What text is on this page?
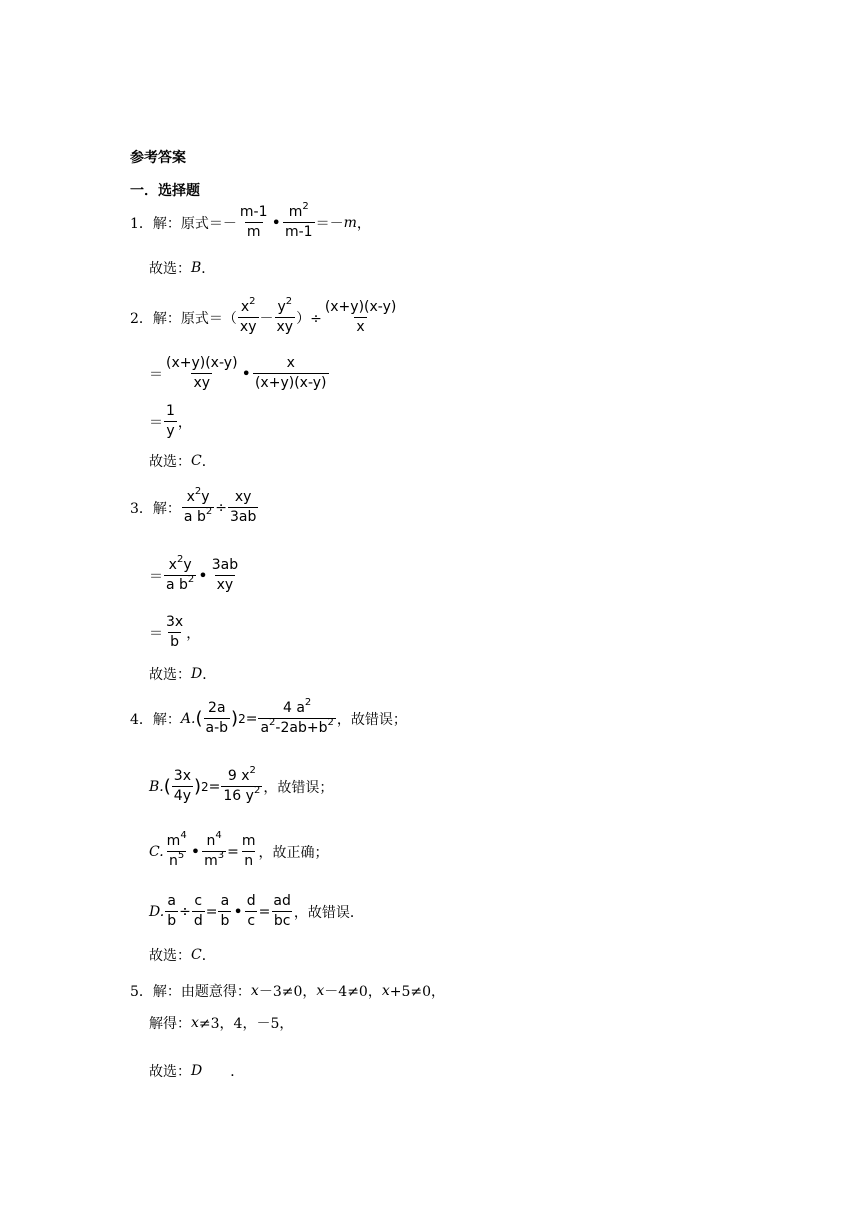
参考答案
一．选择题
1． 解：原式＝－ $\frac{m-1}{m}$ • $\frac{m^2}{m-1} =- m$ ，
故选： B ．
2． 解：原式＝（ $\frac{x^2}{xy} - \frac{y^2}{xy}$ ）÷ $\frac{(x+y)(x-y)}{x}$
＝ $\frac{(x+y)(x-y)}{xy}$ • $\frac{x}{(x+y)(x-y)}$
＝ $\frac{1}{y}$ ，
故选： C ．
3． 解： $\frac{x^2y}{a b^2} \div \frac{xy}{3ab}$
＝ $\frac{x^2y}{a b^2}$ • $\frac{3ab}{xy}$
＝ $\frac{3x}{b}$ ，
故选： D ．
4． 解： A. ( $\frac{2a}{a-b}$ ) $2 = \frac{4 a^2}{a^2-2ab+b^2}$ ，故错误；
B. ( $\frac{3x}{4y}$ ) $2 = \frac{9 x^2}{16 y^2}$ ，故错误；
C. $\frac{m^4}{n^5}$ • $\frac{n^4}{m^3} = \frac{m}{n}$ ，故正确；
D. $\frac{a}{b} \div \frac{c}{d} = \frac{a}{b}$ • $\frac{d}{c} = \frac{ad}{bc}$ ，故错误．
故选： C ．
5． 解：由题意得： x －3≠0， x －4≠0， x +5≠0，
解得： x ≠3，4，－5，
故选： D ．
